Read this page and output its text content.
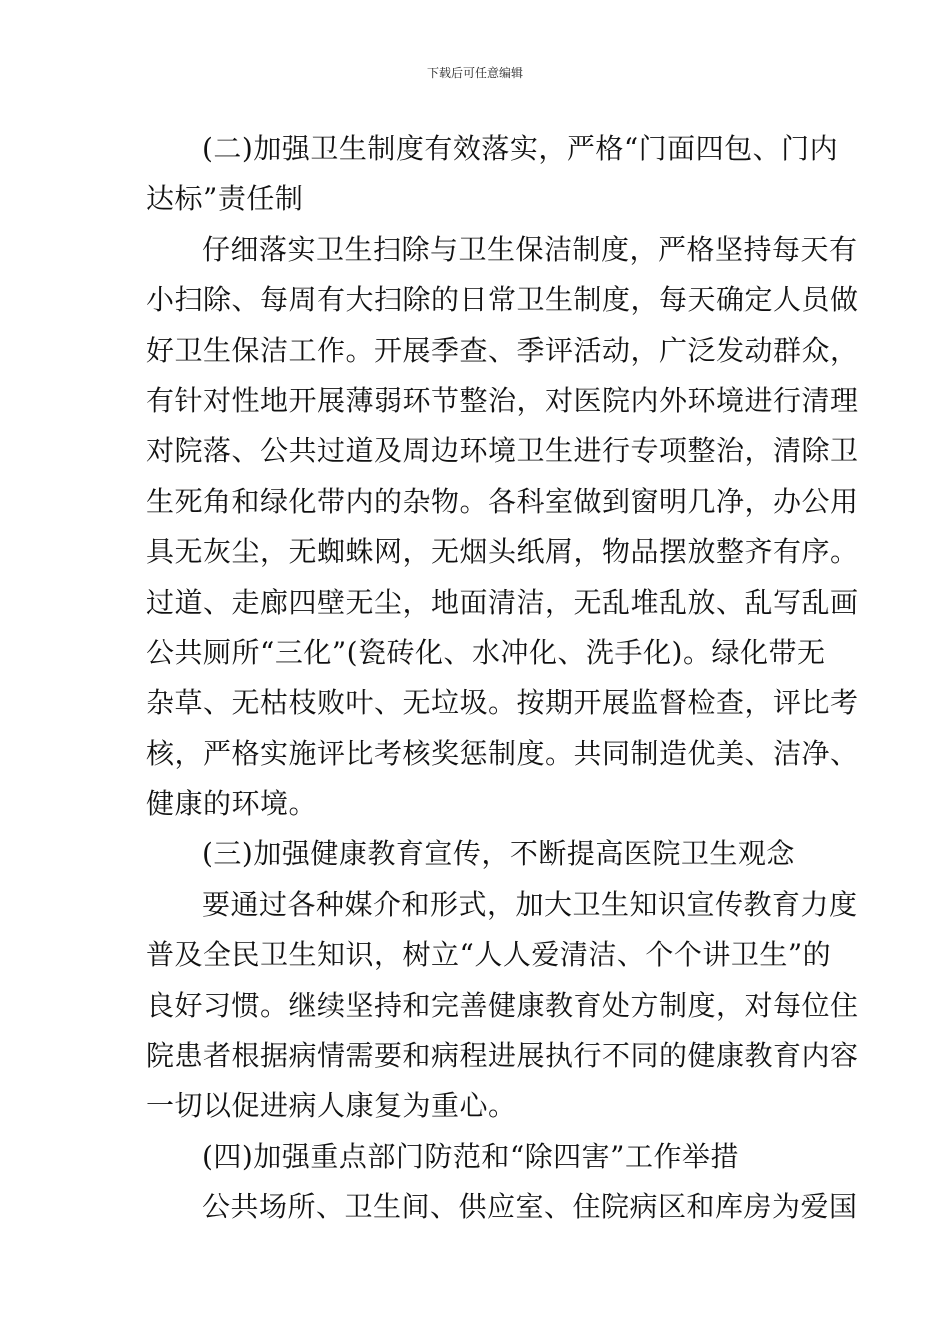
下载后可任意编辑
(二)加强卫生制度有效落实，严格“门面四包、门内
达标”责任制
仔细落实卫生扫除与卫生保洁制度，严格坚持每天有
小扫除、每周有大扫除的日常卫生制度，每天确定人员做
好卫生保洁工作。开展季查、季评活动，广泛发动群众，
有针对性地开展薄弱环节整治，对医院内外环境进行清理
对院落、公共过道及周边环境卫生进行专项整治，清除卫
生死角和绿化带内的杂物。各科室做到窗明几净，办公用
具无灰尘，无蜘蛛网，无烟头纸屑，物品摆放整齐有序。
过道、走廊四壁无尘，地面清洁，无乱堆乱放、乱写乱画
公共厕所“三化”(瓷砖化、水冲化、洗手化)。绿化带无
杂草、无枯枝败叶、无垃圾。按期开展监督检查，评比考
核，严格实施评比考核奖惩制度。共同制造优美、洁净、
健康的环境。
(三)加强健康教育宣传，不断提高医院卫生观念
要通过各种媒介和形式，加大卫生知识宣传教育力度
普及全民卫生知识，树立“人人爱清洁、个个讲卫生”的
良好习惯。继续坚持和完善健康教育处方制度，对每位住
院患者根据病情需要和病程进展执行不同的健康教育内容
一切以促进病人康复为重心。
(四)加强重点部门防范和“除四害”工作举措
公共场所、卫生间、供应室、住院病区和库房为爱国
